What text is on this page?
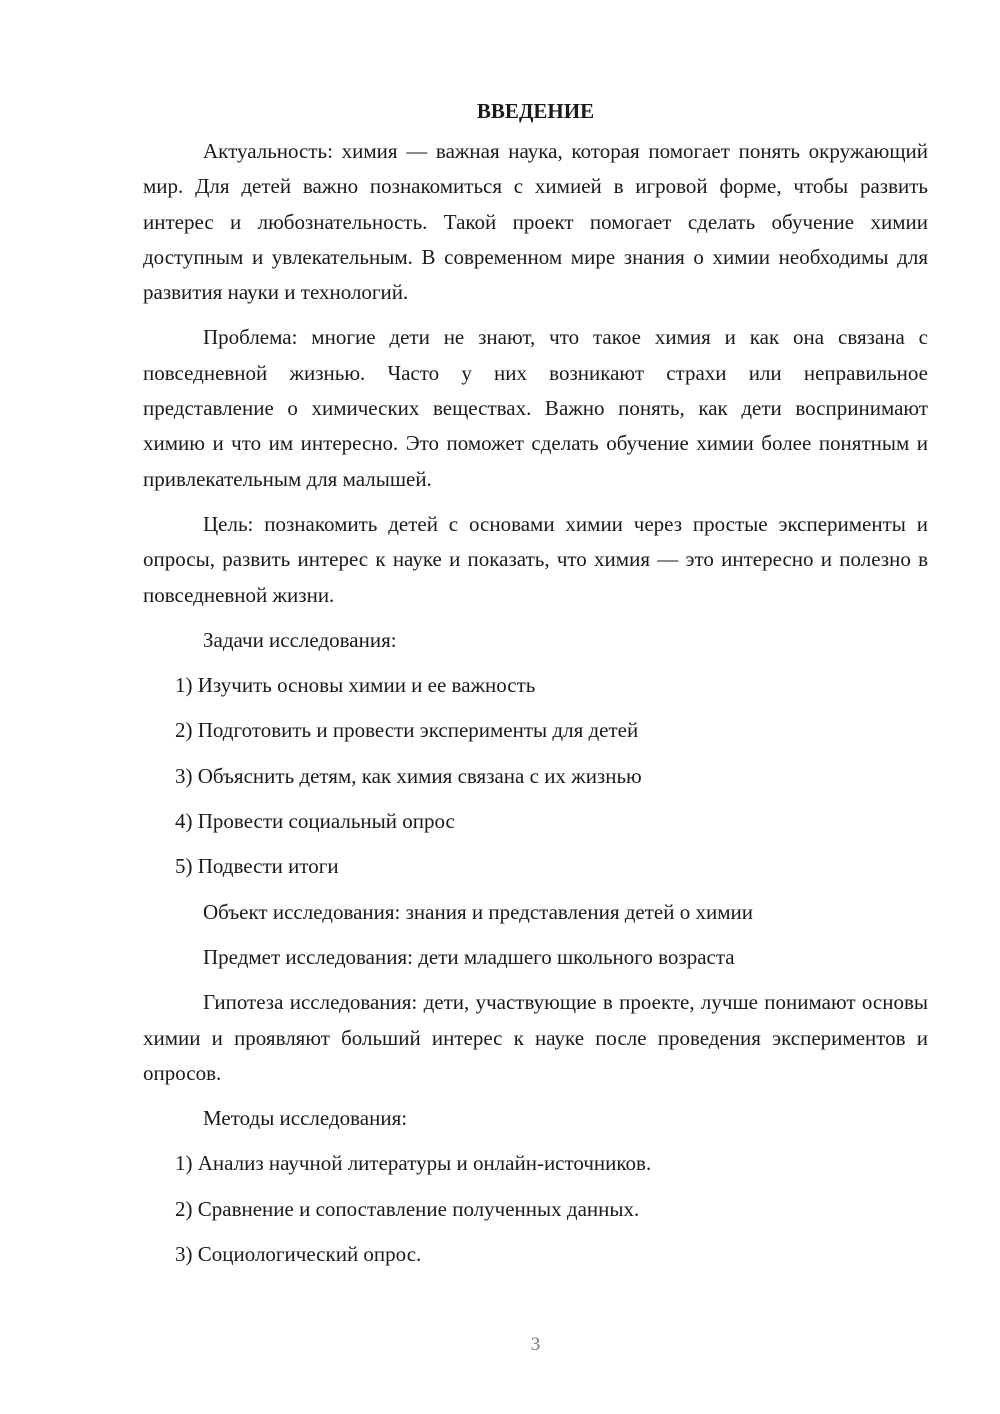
ВВЕДЕНИЕ

Актуальность: химия — важная наука, которая помогает понять окружающий мир. Для детей важно познакомиться с химией в игровой форме, чтобы развить интерес и любознательность. Такой проект помогает сделать обучение химии доступным и увлекательным. В современном мире знания о химии необходимы для развития науки и технологий.

Проблема: многие дети не знают, что такое химия и как она связана с повседневной жизнью. Часто у них возникают страхи или неправильное представление о химических веществах. Важно понять, как дети воспринимают химию и что им интересно. Это поможет сделать обучение химии более понятным и привлекательным для малышей.

Цель: познакомить детей с основами химии через простые эксперименты и опросы, развить интерес к науке и показать, что химия — это интересно и полезно в повседневной жизни.

Задачи исследования:

1) Изучить основы химии и ее важность

2) Подготовить и провести эксперименты для детей

3) Объяснить детям, как химия связана с их жизнью

4) Провести социальный опрос

5) Подвести итоги

Объект исследования: знания и представления детей о химии

Предмет исследования: дети младшего школьного возраста

Гипотеза исследования: дети, участвующие в проекте, лучше понимают основы химии и проявляют больший интерес к науке после проведения экспериментов и опросов.

Методы исследования:

1) Анализ научной литературы и онлайн-источников.

2) Сравнение и сопоставление полученных данных.

3) Социологический опрос.

3
